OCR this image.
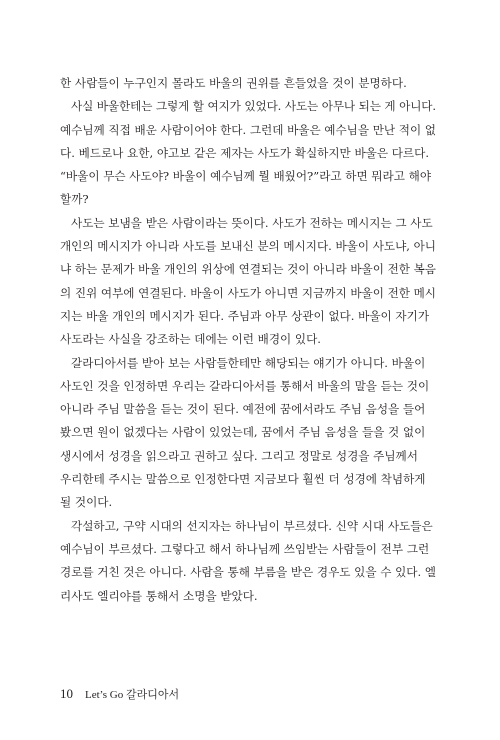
한 사람들이 누구인지 몰라도 바울의 권위를 흔들었을 것이 분명하다.
사실 바울한테는 그렇게 할 여지가 있었다. 사도는 아무나 되는 게 아니다.
예수님께 직접 배운 사람이어야 한다. 그런데 바울은 예수님을 만난 적이 없
다. 베드로나 요한, 야고보 같은 제자는 사도가 확실하지만 바울은 다르다.
“바울이 무슨 사도야? 바울이 예수님께 뭘 배웠어?”라고 하면 뭐라고 해야
할까?
사도는 보냄을 받은 사람이라는 뜻이다. 사도가 전하는 메시지는 그 사도
개인의 메시지가 아니라 사도를 보내신 분의 메시지다. 바울이 사도냐, 아니
냐 하는 문제가 바울 개인의 위상에 연결되는 것이 아니라 바울이 전한 복음
의 진위 여부에 연결된다. 바울이 사도가 아니면 지금까지 바울이 전한 메시
지는 바울 개인의 메시지가 된다. 주님과 아무 상관이 없다. 바울이 자기가
사도라는 사실을 강조하는 데에는 이런 배경이 있다.
갈라디아서를 받아 보는 사람들한테만 해당되는 얘기가 아니다. 바울이
사도인 것을 인정하면 우리는 갈라디아서를 통해서 바울의 말을 듣는 것이
아니라 주님 말씀을 듣는 것이 된다. 예전에 꿈에서라도 주님 음성을 들어
봤으면 원이 없겠다는 사람이 있었는데, 꿈에서 주님 음성을 들을 것 없이
생시에서 성경을 읽으라고 권하고 싶다. 그리고 정말로 성경을 주님께서
우리한테 주시는 말씀으로 인정한다면 지금보다 훨씬 더 성경에 착념하게
될 것이다.
각설하고, 구약 시대의 선지자는 하나님이 부르셨다. 신약 시대 사도들은
예수님이 부르셨다. 그렇다고 해서 하나님께 쓰임받는 사람들이 전부 그런
경로를 거친 것은 아니다. 사람을 통해 부름을 받은 경우도 있을 수 있다. 엘
리사도 엘리야를 통해서 소명을 받았다.
10 Let’s Go 갈라디아서
